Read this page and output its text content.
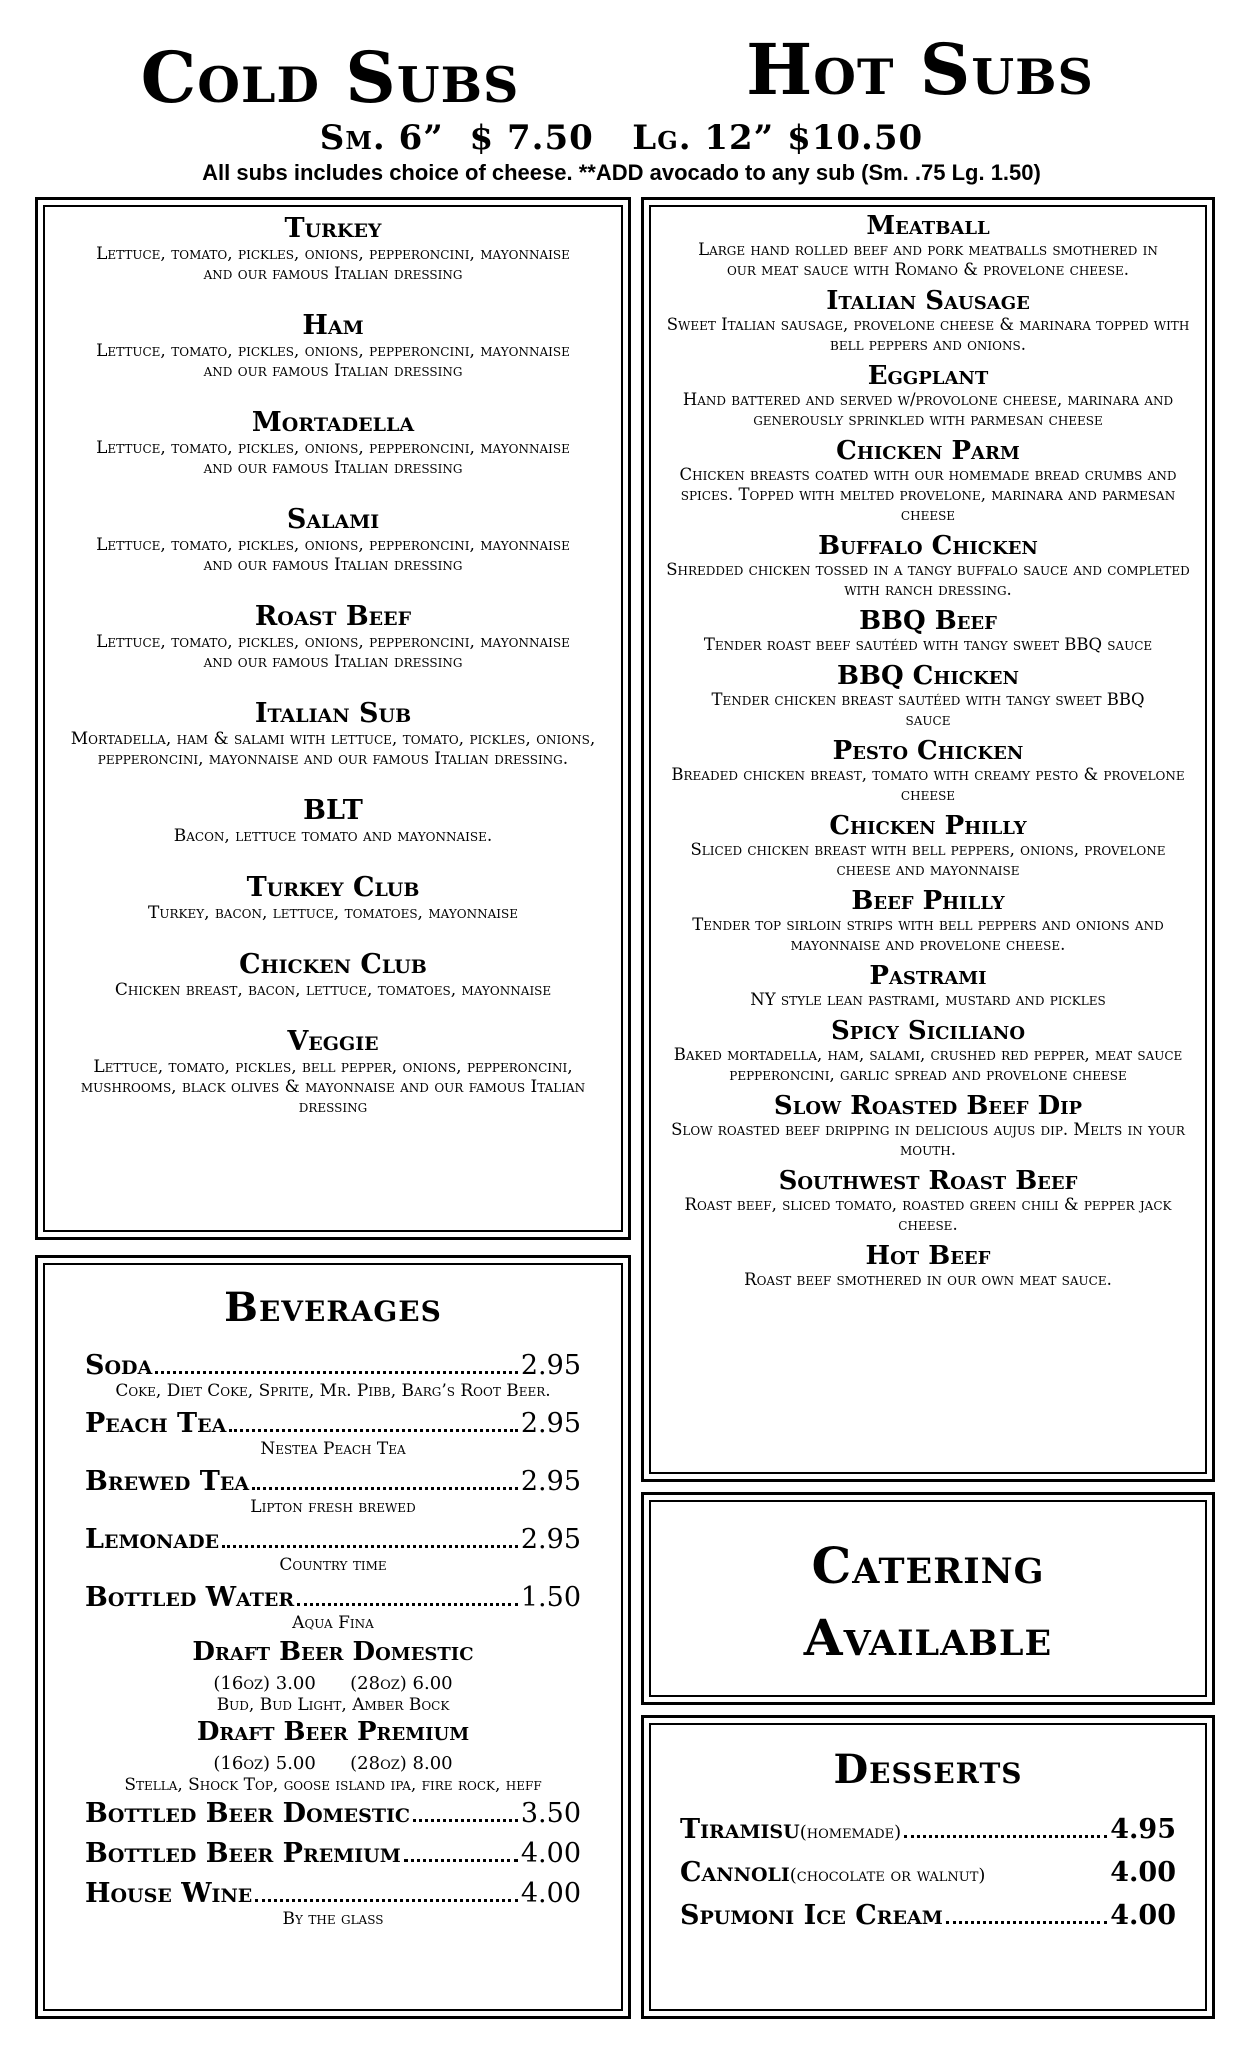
Cold Subs	Hot Subs
Sm. 6”  $ 7.50   Lg. 12” $10.50
All subs includes choice of cheese. **ADD avocado to any sub (Sm. .75 Lg. 1.50)
Turkey
Lettuce, tomato, pickles, onions, pepperoncini, mayonnaise and our famous Italian dressing
Ham
Lettuce, tomato, pickles, onions, pepperoncini, mayonnaise and our famous Italian dressing
Mortadella
Lettuce, tomato, pickles, onions, pepperoncini, mayonnaise and our famous Italian dressing
Salami
Lettuce, tomato, pickles, onions, pepperoncini, mayonnaise and our famous Italian dressing
Roast Beef
Lettuce, tomato, pickles, onions, pepperoncini, mayonnaise and our famous Italian dressing
Italian Sub
Mortadella, ham & salami with lettuce, tomato, pickles, onions, pepperoncini, mayonnaise and our famous Italian dressing.
BLT
Bacon, lettuce tomato and mayonnaise.
Turkey Club
Turkey, bacon, lettuce, tomatoes, mayonnaise
Chicken Club
Chicken breast, bacon, lettuce, tomatoes, mayonnaise
Veggie
Lettuce, tomato, pickles, bell pepper, onions, pepperoncini, mushrooms, black olives & mayonnaise and our famous Italian dressing
Meatball
Large hand rolled beef and pork meatballs smothered in our meat sauce with Romano & provelone cheese.
Italian Sausage
Sweet Italian sausage, provelone cheese & marinara topped with bell peppers and onions.
Eggplant
Hand battered and served w/provolone cheese, marinara and generously sprinkled with parmesan cheese
Chicken Parm
Chicken breasts coated with our homemade bread crumbs and spices. Topped with melted provelone, marinara and parmesan cheese
Buffalo Chicken
Shredded chicken tossed in a tangy buffalo sauce and completed with ranch dressing.
BBQ Beef
Tender roast beef sautéed with tangy sweet BBQ sauce
BBQ Chicken
Tender chicken breast sautéed with tangy sweet BBQ sauce
Pesto Chicken
Breaded chicken breast, tomato with creamy pesto & provelone cheese
Chicken Philly
Sliced chicken breast with bell peppers, onions, provelone cheese and mayonnaise
Beef Philly
Tender top sirloin strips with bell peppers and onions and mayonnaise and provelone cheese.
Pastrami
NY style lean pastrami, mustard and pickles
Spicy Siciliano
Baked mortadella, ham, salami, crushed red pepper, meat sauce pepperoncini, garlic spread and provelone cheese
Slow Roasted Beef Dip
Slow roasted beef dripping in delicious aujus dip. Melts in your mouth.
Southwest Roast Beef
Roast beef, sliced tomato, roasted green chili & pepper jack cheese.
Hot Beef
Roast beef smothered in our own meat sauce.
Beverages
Soda	2.95
Coke, Diet Coke, Sprite, Mr. Pibb, Barg’s Root Beer.
Peach Tea	2.95
Nestea Peach Tea
Brewed Tea	2.95
Lipton fresh brewed
Lemonade	2.95
Country time
Bottled Water	1.50
Aqua Fina
Draft Beer Domestic
(16oz) 3.00      (28oz) 6.00
Bud, Bud Light, Amber Bock
Draft Beer Premium
(16oz) 5.00      (28oz) 8.00
Stella, Shock Top, goose island ipa, fire rock, heff
Bottled Beer Domestic	3.50
Bottled Beer Premium	4.00
House Wine	4.00
By the glass
Catering
Available
Desserts
Tiramisu(homemade)	4.95
Cannoli(chocolate or walnut)	4.00
Spumoni Ice Cream	4.00
